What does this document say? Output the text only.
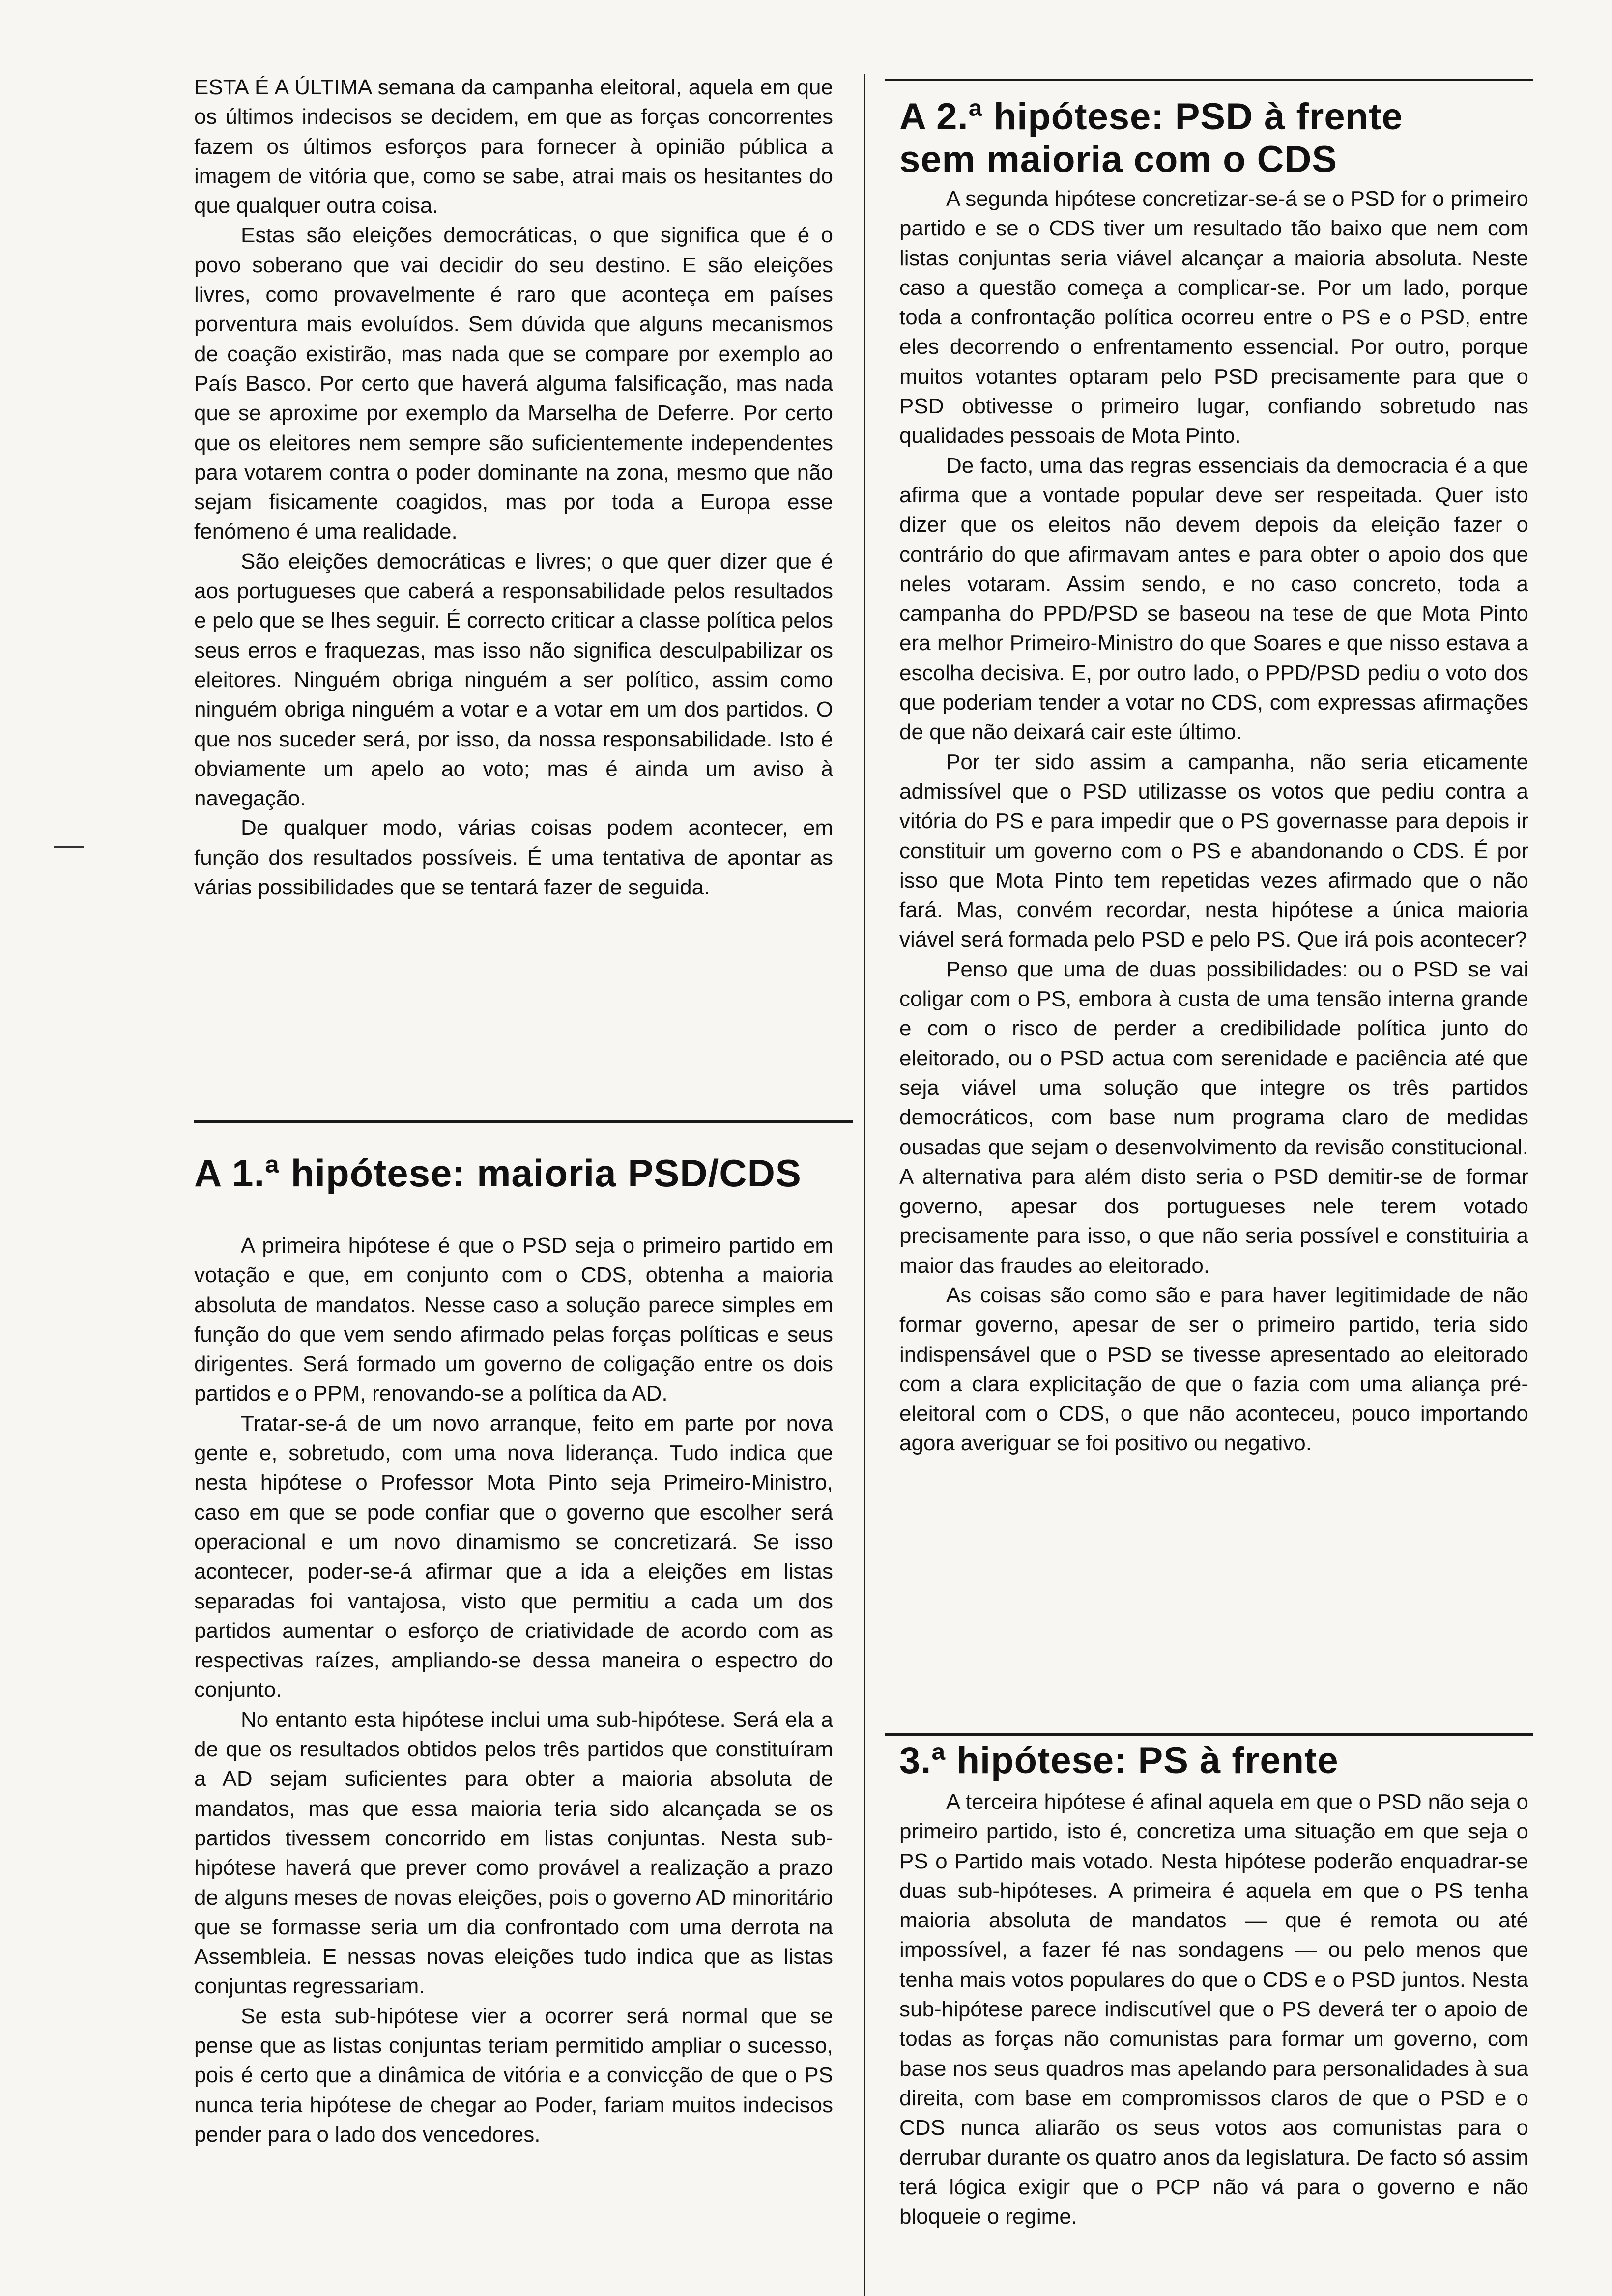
ESTA É A ÚLTIMA semana da campanha eleitoral, aquela em que os últimos indecisos se decidem, em que as forças concorrentes fazem os últimos esforços para fornecer à opinião pública a imagem de vitória que, como se sabe, atrai mais os hesitantes do que qualquer outra coisa.

Estas são eleições democráticas, o que significa que é o povo soberano que vai decidir do seu destino. E são eleições livres, como provavelmente é raro que aconteça em países porventura mais evoluídos. Sem dúvida que alguns mecanismos de coação existirão, mas nada que se compare por exemplo ao País Basco. Por certo que haverá alguma falsificação, mas nada que se aproxime por exemplo da Marselha de Deferre. Por certo que os eleitores nem sempre são suficientemente independentes para votarem contra o poder dominante na zona, mesmo que não sejam fisicamente coagidos, mas por toda a Europa esse fenómeno é uma realidade.

São eleições democráticas e livres; o que quer dizer que é aos portugueses que caberá a responsabilidade pelos resultados e pelo que se lhes seguir. É correcto criticar a classe política pelos seus erros e fraquezas, mas isso não significa desculpabilizar os eleitores. Ninguém obriga ninguém a ser político, assim como ninguém obriga ninguém a votar e a votar em um dos partidos. O que nos suceder será, por isso, da nossa responsabilidade. Isto é obviamente um apelo ao voto; mas é ainda um aviso à navegação.

De qualquer modo, várias coisas podem acontecer, em função dos resultados possíveis. É uma tentativa de apontar as várias possibilidades que se tentará fazer de seguida.

A 1.ª hipótese: maioria PSD/CDS

A primeira hipótese é que o PSD seja o primeiro partido em votação e que, em conjunto com o CDS, obtenha a maioria absoluta de mandatos. Nesse caso a solução parece simples em função do que vem sendo afirmado pelas forças políticas e seus dirigentes. Será formado um governo de coligação entre os dois partidos e o PPM, renovando-se a política da AD.

Tratar-se-á de um novo arranque, feito em parte por nova gente e, sobretudo, com uma nova liderança. Tudo indica que nesta hipótese o Professor Mota Pinto seja Primeiro-Ministro, caso em que se pode confiar que o governo que escolher será operacional e um novo dinamismo se concretizará. Se isso acontecer, poder-se-á afirmar que a ida a eleições em listas separadas foi vantajosa, visto que permitiu a cada um dos partidos aumentar o esforço de criatividade de acordo com as respectivas raízes, ampliando-se dessa maneira o espectro do conjunto.

No entanto esta hipótese inclui uma sub-hipótese. Será ela a de que os resultados obtidos pelos três partidos que constituíram a AD sejam suficientes para obter a maioria absoluta de mandatos, mas que essa maioria teria sido alcançada se os partidos tivessem concorrido em listas conjuntas. Nesta sub-hipótese haverá que prever como provável a realização a prazo de alguns meses de novas eleições, pois o governo AD minoritário que se formasse seria um dia confrontado com uma derrota na Assembleia. E nessas novas eleições tudo indica que as listas conjuntas regressariam.

Se esta sub-hipótese vier a ocorrer será normal que se pense que as listas conjuntas teriam permitido ampliar o sucesso, pois é certo que a dinâmica de vitória e a convicção de que o PS nunca teria hipótese de chegar ao Poder, fariam muitos indecisos pender para o lado dos vencedores.

A 2.ª hipótese: PSD à frente
sem maioria com o CDS

A segunda hipótese concretizar-se-á se o PSD for o primeiro partido e se o CDS tiver um resultado tão baixo que nem com listas conjuntas seria viável alcançar a maioria absoluta. Neste caso a questão começa a complicar-se. Por um lado, porque toda a confrontação política ocorreu entre o PS e o PSD, entre eles decorrendo o enfrentamento essencial. Por outro, porque muitos votantes optaram pelo PSD precisamente para que o PSD obtivesse o primeiro lugar, confiando sobretudo nas qualidades pessoais de Mota Pinto.

De facto, uma das regras essenciais da democracia é a que afirma que a vontade popular deve ser respeitada. Quer isto dizer que os eleitos não devem depois da eleição fazer o contrário do que afirmavam antes e para obter o apoio dos que neles votaram. Assim sendo, e no caso concreto, toda a campanha do PPD/PSD se baseou na tese de que Mota Pinto era melhor Primeiro-Ministro do que Soares e que nisso estava a escolha decisiva. E, por outro lado, o PPD/PSD pediu o voto dos que poderiam tender a votar no CDS, com expressas afirmações de que não deixará cair este último.

Por ter sido assim a campanha, não seria eticamente admissível que o PSD utilizasse os votos que pediu contra a vitória do PS e para impedir que o PS governasse para depois ir constituir um governo com o PS e abandonando o CDS. É por isso que Mota Pinto tem repetidas vezes afirmado que o não fará. Mas, convém recordar, nesta hipótese a única maioria viável será formada pelo PSD e pelo PS. Que irá pois acontecer?

Penso que uma de duas possibilidades: ou o PSD se vai coligar com o PS, embora à custa de uma tensão interna grande e com o risco de perder a credibilidade política junto do eleitorado, ou o PSD actua com serenidade e paciência até que seja viável uma solução que integre os três partidos democráticos, com base num programa claro de medidas ousadas que sejam o desenvolvimento da revisão constitucional. A alternativa para além disto seria o PSD demitir-se de formar governo, apesar dos portugueses nele terem votado precisamente para isso, o que não seria possível e constituiria a maior das fraudes ao eleitorado.

As coisas são como são e para haver legitimidade de não formar governo, apesar de ser o primeiro partido, teria sido indispensável que o PSD se tivesse apresentado ao eleitorado com a clara explicitação de que o fazia com uma aliança pré-eleitoral com o CDS, o que não aconteceu, pouco importando agora averiguar se foi positivo ou negativo.

3.ª hipótese: PS à frente

A terceira hipótese é afinal aquela em que o PSD não seja o primeiro partido, isto é, concretiza uma situação em que seja o PS o Partido mais votado. Nesta hipótese poderão enquadrar-se duas sub-hipóteses. A primeira é aquela em que o PS tenha maioria absoluta de mandatos — que é remota ou até impossível, a fazer fé nas sondagens — ou pelo menos que tenha mais votos populares do que o CDS e o PSD juntos. Nesta sub-hipótese parece indiscutível que o PS deverá ter o apoio de todas as forças não comunistas para formar um governo, com base nos seus quadros mas apelando para personalidades à sua direita, com base em compromissos claros de que o PSD e o CDS nunca aliarão os seus votos aos comunistas para o derrubar durante os quatro anos da legislatura. De facto só assim terá lógica exigir que o PCP não vá para o governo e não bloqueie o regime.
